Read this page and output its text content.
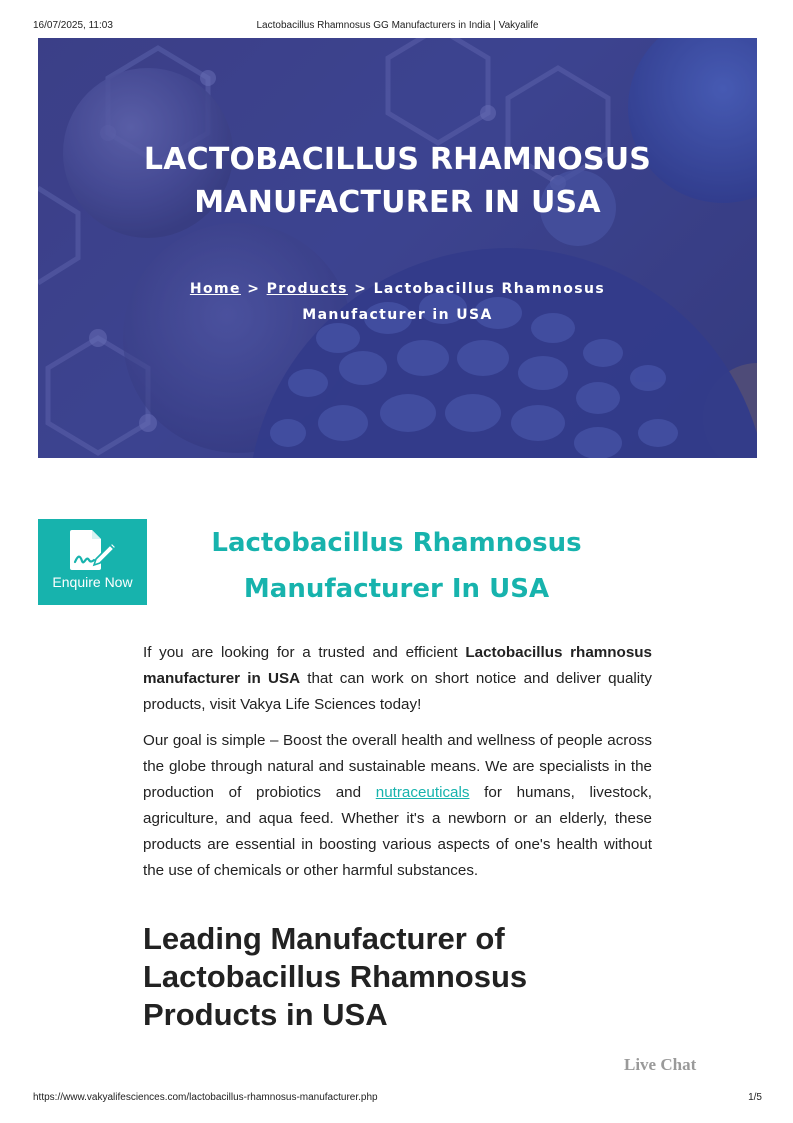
16/07/2025, 11:03	Lactobacillus Rhamnosus GG Manufacturers in India | Vakyalife
LACTOBACILLUS RHAMNOSUS MANUFACTURER IN USA
Home > Products > Lactobacillus Rhamnosus Manufacturer in USA
Enquire Now
Lactobacillus Rhamnosus Manufacturer In USA

If you are looking for a trusted and efficient Lactobacillus rhamnosus manufacturer in USA that can work on short notice and deliver quality products, visit Vakya Life Sciences today!

Our goal is simple – Boost the overall health and wellness of people across the globe through natural and sustainable means. We are specialists in the production of probiotics and nutraceuticals for humans, livestock, agriculture, and aqua feed. Whether it's a newborn or an elderly, these products are essential in boosting various aspects of one's health without the use of chemicals or other harmful substances.

Leading Manufacturer of Lactobacillus Rhamnosus Products in USA
Live Chat
https://www.vakyalifesciences.com/lactobacillus-rhamnosus-manufacturer.php	1/5
